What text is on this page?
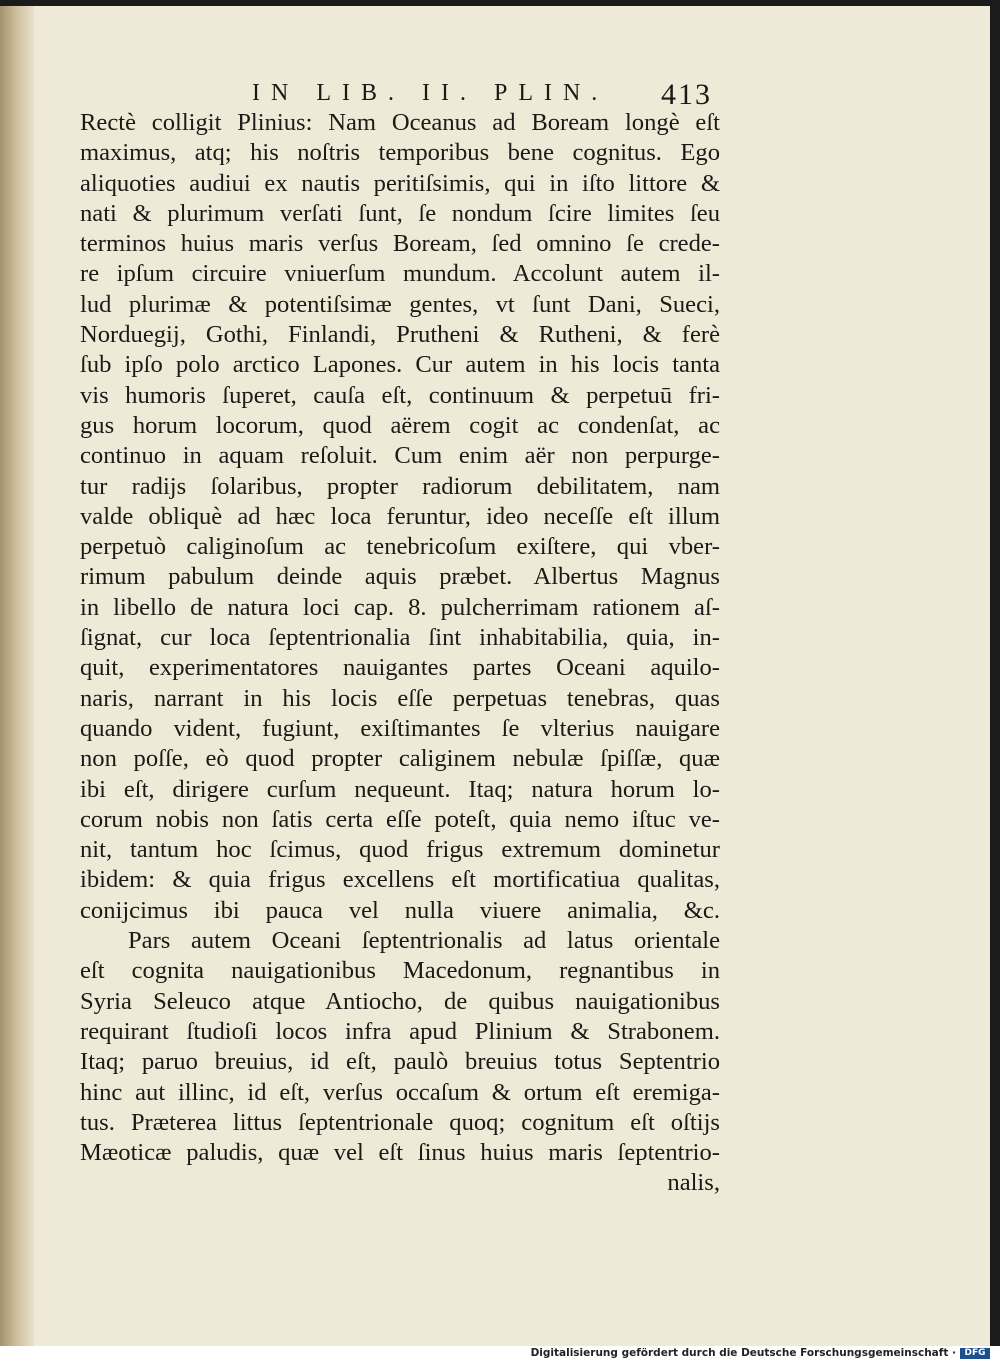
IN LIB. II. PLIN. 413
Rectè colligit Plinius: Nam Oceanus ad Boream longè eſt
maximus, atq; his noſtris temporibus bene cognitus. Ego
aliquoties audiui ex nautis peritiſsimis, qui in iſto littore &
nati & plurimum verſati ſunt, ſe nondum ſcire limites ſeu
terminos huius maris verſus Boream, ſed omnino ſe crede-
re ipſum circuire vniuerſum mundum. Accolunt autem il-
lud plurimæ & potentiſsimæ gentes, vt ſunt Dani, Sueci,
Norduegij, Gothi, Finlandi, Prutheni & Rutheni, & ferè
ſub ipſo polo arctico Lapones. Cur autem in his locis tanta
vis humoris ſuperet, cauſa eſt, continuum & perpetuū fri-
gus horum locorum, quod aërem cogit ac condenſat, ac
continuo in aquam reſoluit. Cum enim aër non perpurge-
tur radijs ſolaribus, propter radiorum debilitatem, nam
valde obliquè ad hæc loca feruntur, ideo neceſſe eſt illum
perpetuò caliginoſum ac tenebricoſum exiſtere, qui vber-
rimum pabulum deinde aquis præbet. Albertus Magnus
in libello de natura loci cap. 8. pulcherrimam rationem aſ-
ſignat, cur loca ſeptentrionalia ſint inhabitabilia, quia, in-
quit, experimentatores nauigantes partes Oceani aquilo-
naris, narrant in his locis eſſe perpetuas tenebras, quas
quando vident, fugiunt, exiſtimantes ſe vlterius nauigare
non poſſe, eò quod propter caliginem nebulæ ſpiſſæ, quæ
ibi eſt, dirigere curſum nequeunt. Itaq; natura horum lo-
corum nobis non ſatis certa eſſe poteſt, quia nemo iſtuc ve-
nit, tantum hoc ſcimus, quod frigus extremum dominetur
ibidem: & quia frigus excellens eſt mortificatiua qualitas,
conijcimus ibi pauca vel nulla viuere animalia, &c.
Pars autem Oceani ſeptentrionalis ad latus orientale
eſt cognita nauigationibus Macedonum, regnantibus in
Syria Seleuco atque Antiocho, de quibus nauigationibus
requirant ſtudioſi locos infra apud Plinium & Strabonem.
Itaq; paruo breuius, id eſt, paulò breuius totus Septentrio
hinc aut illinc, id eſt, verſus occaſum & ortum eſt eremiga-
tus. Præterea littus ſeptentrionale quoq; cognitum eſt oſtijs
Mæoticæ paludis, quæ vel eſt ſinus huius maris ſeptentrio-
nalis,
Digitalisierung gefördert durch die Deutsche Forschungsgemeinschaft · DFG
